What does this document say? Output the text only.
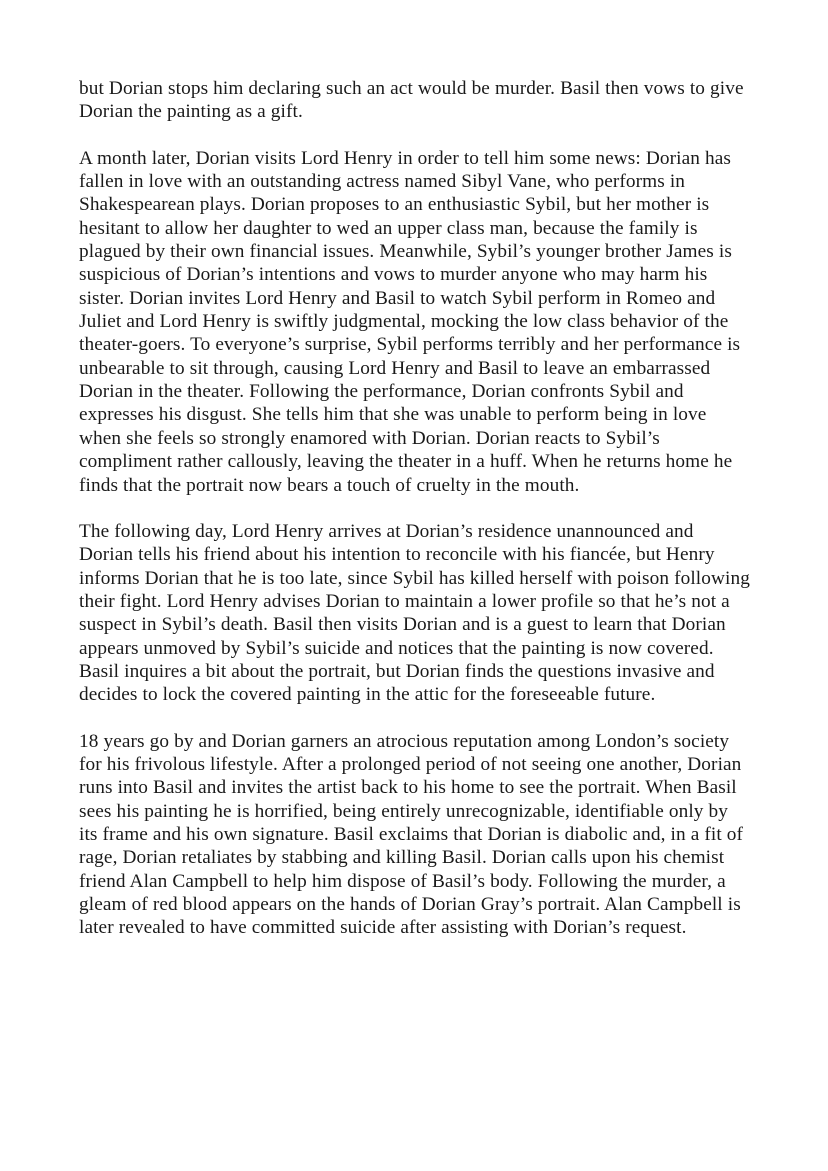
but Dorian stops him declaring such an act would be murder. Basil then vows to give Dorian the painting as a gift.

A month later, Dorian visits Lord Henry in order to tell him some news: Dorian has fallen in love with an outstanding actress named Sibyl Vane, who performs in Shakespearean plays. Dorian proposes to an enthusiastic Sybil, but her mother is hesitant to allow her daughter to wed an upper class man, because the family is plagued by their own financial issues. Meanwhile, Sybil’s younger brother James is suspicious of Dorian’s intentions and vows to murder anyone who may harm his sister. Dorian invites Lord Henry and Basil to watch Sybil perform in Romeo and Juliet and Lord Henry is swiftly judgmental, mocking the low class behavior of the theater-goers. To everyone’s surprise, Sybil performs terribly and her performance is unbearable to sit through, causing Lord Henry and Basil to leave an embarrassed Dorian in the theater. Following the performance, Dorian confronts Sybil and expresses his disgust. She tells him that she was unable to perform being in love when she feels so strongly enamored with Dorian. Dorian reacts to Sybil’s compliment rather callously, leaving the theater in a huff. When he returns home he finds that the portrait now bears a touch of cruelty in the mouth.

The following day, Lord Henry arrives at Dorian’s residence unannounced and Dorian tells his friend about his intention to reconcile with his fiancée, but Henry informs Dorian that he is too late, since Sybil has killed herself with poison following their fight. Lord Henry advises Dorian to maintain a lower profile so that he’s not a suspect in Sybil’s death. Basil then visits Dorian and is a guest to learn that Dorian appears unmoved by Sybil’s suicide and notices that the painting is now covered. Basil inquires a bit about the portrait, but Dorian finds the questions invasive and decides to lock the covered painting in the attic for the foreseeable future.

18 years go by and Dorian garners an atrocious reputation among London’s society for his frivolous lifestyle. After a prolonged period of not seeing one another, Dorian runs into Basil and invites the artist back to his home to see the portrait. When Basil sees his painting he is horrified, being entirely unrecognizable, identifiable only by its frame and his own signature. Basil exclaims that Dorian is diabolic and, in a fit of rage, Dorian retaliates by stabbing and killing Basil. Dorian calls upon his chemist friend Alan Campbell to help him dispose of Basil’s body. Following the murder, a gleam of red blood appears on the hands of Dorian Gray’s portrait. Alan Campbell is later revealed to have committed suicide after assisting with Dorian’s request.
